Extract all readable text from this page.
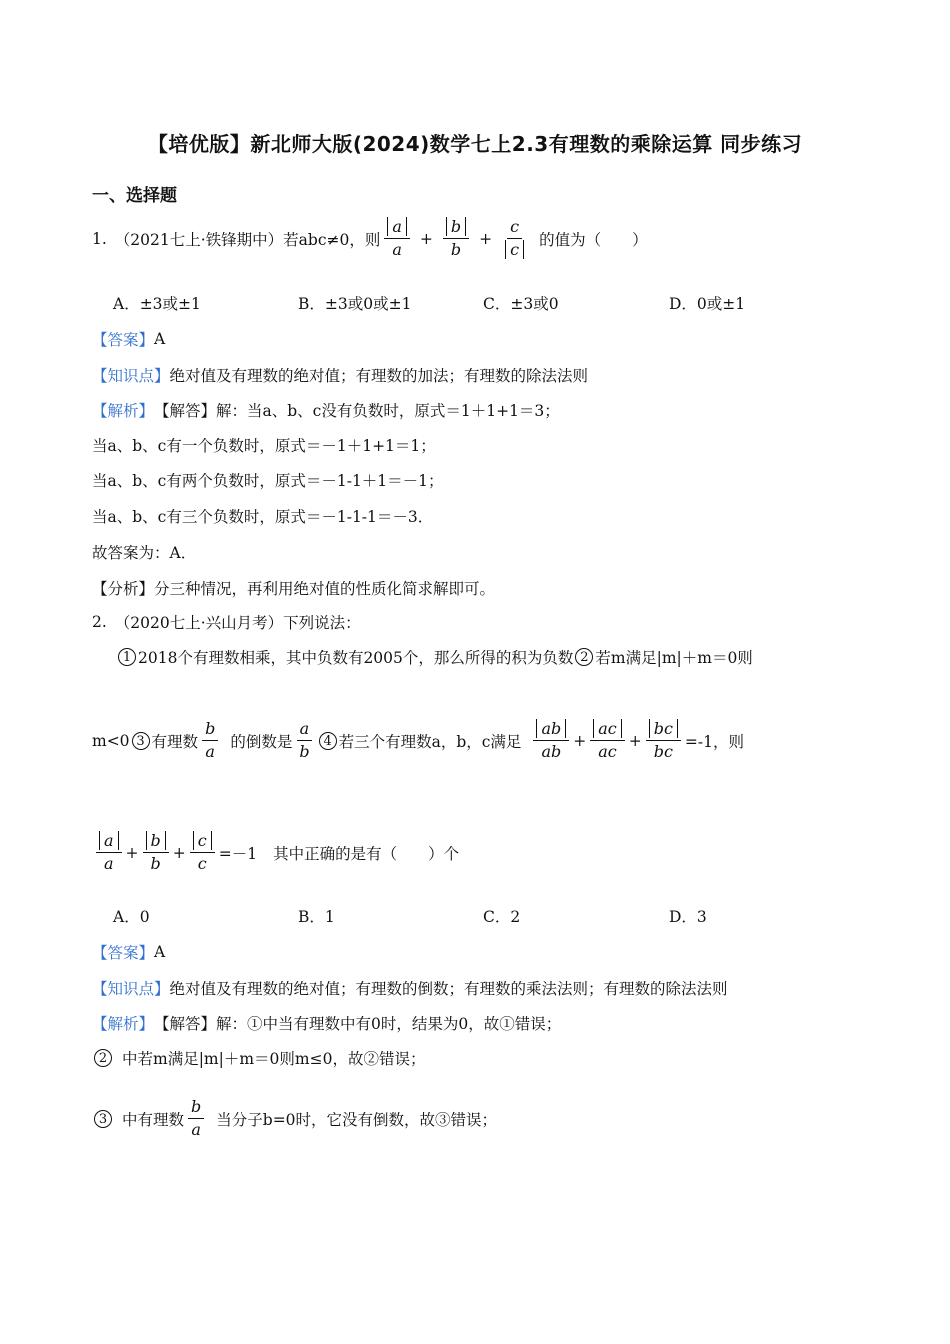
【培优版】新北师大版(2024)数学七上2.3有理数的乘除运算 同步练习
一、选择题
1. （2021七上·铁锋期中）若 abc≠0，则 $\frac{a}{a} + \frac{b}{b} + \frac{c}{c}$ 的值为（　　）
A．±3或±1	B．±3或0或±1	C．±3或0	D．0或±1
【答案】 A
【知识点】 绝对值及有理数的绝对值；有理数的加法；有理数的除法法则
【解析】 【解答】解：当a、b、c没有负数时，原式＝1＋1+1＝3；
当a、b、c有一个负数时，原式＝－1＋1+1＝1；
当a、b、c有两个负数时，原式＝－1-1＋1＝－1；
当a、b、c有三个负数时，原式＝－1-1-1＝－3．
故答案为：A．
【分析】分三种情况，再利用绝对值的性质化简求解即可。
2. （2020七上·兴山月考）下列说法：
1 2018个有理数相乘，其中负数有2005个，那么所得的积为负数 2 若m满足|m|＋m＝0则
m<0 3 有理数 $\frac{b}{a}$ 的倒数是 $\frac{a}{b} 4$ 若三个有理数a，b，c满足 $\frac{ab}{ab} + \frac{ac}{ac} + \frac{bc}{bc} =-1$，则
$\frac{a}{a} + \frac{b}{b} + \frac{c}{c} =-1$ 其中正确的是有（　　）个
A．0	B．1	C．2	D．3
【答案】 A
【知识点】 绝对值及有理数的绝对值；有理数的倒数；有理数的乘法法则；有理数的除法法则
【解析】 【解答】解：①中当有理数中有0时，结果为0，故①错误；
2 中若m满足|m|＋m＝0则m≤0，故②错误；
3 中有理数 $\frac{b}{a}$ 当分子b=0时，它没有倒数，故③错误；
